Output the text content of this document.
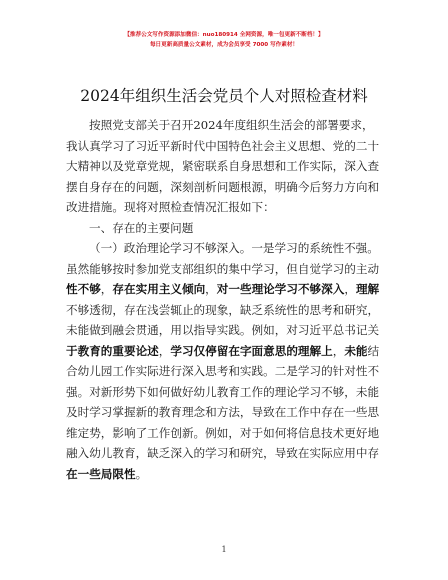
【推荐公文写作资源添加微信：nuo180914 全网资源，唯一包更新不断档！】
每日更新高质量公文素材，成为会员享受 7000 写作素材！
2024年组织生活会党员个人对照检查材料
按照党支部关于召开2024年度组织生活会的部署要求，
我认真学习了习近平新时代中国特色社会主义思想、党的二十
大精神以及党章党规，紧密联系自身思想和工作实际，深入查
摆自身存在的问题，深刻剖析问题根源，明确今后努力方向和
改进措施。现将对照检查情况汇报如下：
一、存在的主要问题
（一）政治理论学习不够深入。一是学习的系统性不强。
虽然能够按时参加党支部组织的集中学习，但自觉学习的主动
性不够，存在实用主义倾向，对一些理论学习不够深入，理解
不够透彻，存在浅尝辄止的现象，缺乏系统性的思考和研究，
未能做到融会贯通，用以指导实践。例如，对习近平总书记关
于教育的重要论述，学习仅停留在字面意思的理解上，未能结
合幼儿园工作实际进行深入思考和实践。二是学习的针对性不
强。对新形势下如何做好幼儿教育工作的理论学习不够，未能
及时学习掌握新的教育理念和方法，导致在工作中存在一些思
维定势，影响了工作创新。例如，对于如何将信息技术更好地
融入幼儿教育，缺乏深入的学习和研究，导致在实际应用中存
在一些局限性。
1
